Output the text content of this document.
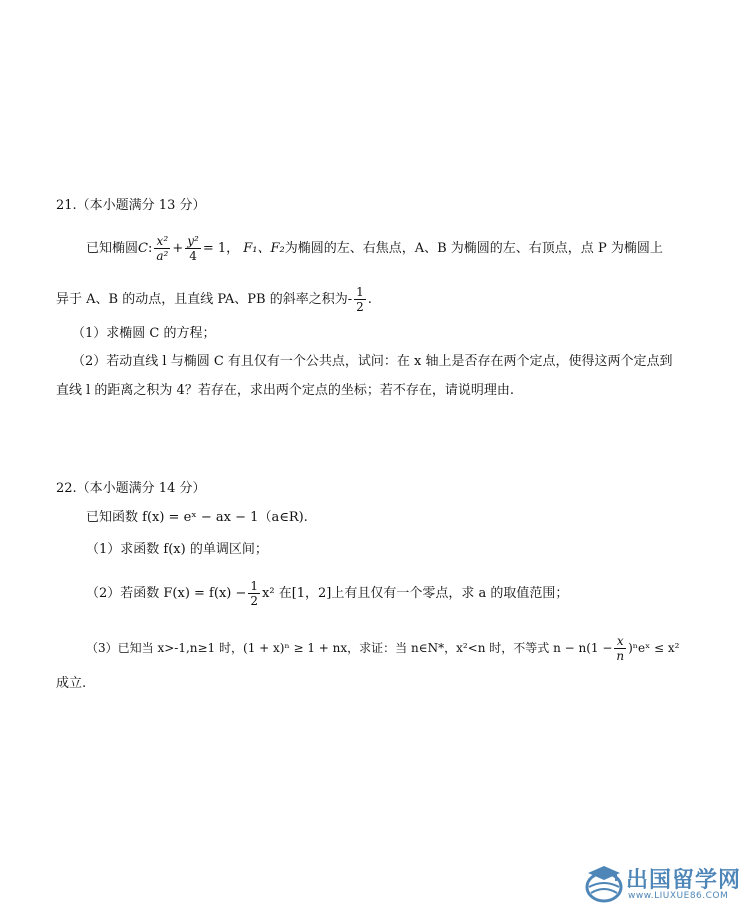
21.（本小题满分 13 分）
已知椭圆C: $\frac{\text{x²}}{\text{a²}} + \frac{\text{y²}}{4} = 1$， F₁、F₂为椭圆的左、右焦点，A、B 为椭圆的左、右顶点，点 P 为椭圆上
异于 A、B 的动点，且直线 PA、PB 的斜率之积为- $\frac{1}{2}$ .
（1）求椭圆 C 的方程；
（2）若动直线 l 与椭圆 C 有且仅有一个公共点，试问：在 x 轴上是否存在两个定点，使得这两个定点到
直线 l 的距离之积为 4？若存在，求出两个定点的坐标；若不存在，请说明理由.
22.（本小题满分 14 分）
已知函数 f(x) = eˣ − ax − 1（a∈R).
（1）求函数 f(x) 的单调区间；
（2）若函数 $F(x) = f(x) - \frac{1}{2} x^2$ 在[1，2]上有且仅有一个零点，求 a 的取值范围；
（3）已知当 x>-1,n≥1 时，(1 + x)ⁿ ≥ 1 + nx，求证：当 n∈N*，x²<n 时，不等式 $n - n(1 - \frac{x}{n}$ )ⁿeˣ ≤ x²
成立.
出国留学网
www.LIUXUE86.COM
